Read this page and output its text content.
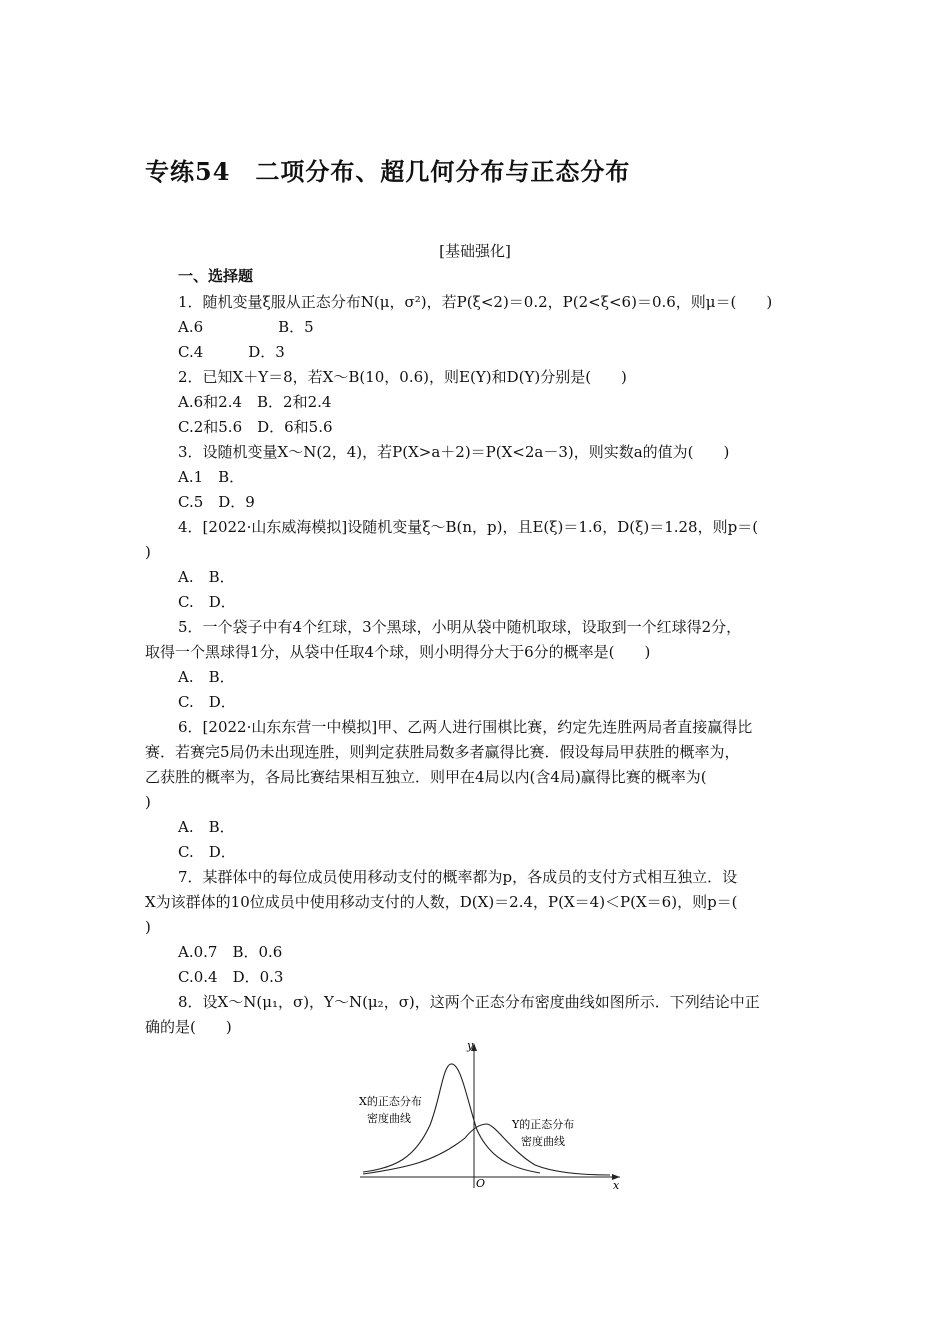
专练54　二项分布、超几何分布与正态分布
[基础强化]
一、选择题
1．随机变量ξ服从正态分布N(μ，σ²)，若P(ξ<2)＝0.2，P(2<ξ<6)＝0.6，则μ＝(　　)
A.6　　　　　B．5
C.4　　　D．3
2．已知X＋Y＝8，若X～B(10，0.6)，则E(Y)和D(Y)分别是(　　)
A.6和2.4　B．2和2.4
C.2和5.6　D．6和5.6
3．设随机变量X～N(2，4)，若P(X>a＋2)＝P(X<2a－3)，则实数a的值为(　　)
A.1　B．
C.5　D．9
4．[2022·山东威海模拟]设随机变量ξ～B(n，p)，且E(ξ)＝1.6，D(ξ)＝1.28，则p＝(
)
A.　B．
C.　D．
5．一个袋子中有4个红球，3个黑球，小明从袋中随机取球，设取到一个红球得2分，
取得一个黑球得1分，从袋中任取4个球，则小明得分大于6分的概率是(　　)
A.　B．
C.　D．
6．[2022·山东东营一中模拟]甲、乙两人进行围棋比赛，约定先连胜两局者直接赢得比
赛．若赛完5局仍未出现连胜，则判定获胜局数多者赢得比赛．假设每局甲获胜的概率为，
乙获胜的概率为，各局比赛结果相互独立．则甲在4局以内(含4局)赢得比赛的概率为(
)
A.　B．
C.　D．
7．某群体中的每位成员使用移动支付的概率都为p，各成员的支付方式相互独立．设
X为该群体的10位成员中使用移动支付的人数，D(X)＝2.4，P(X＝4)＜P(X＝6)，则p＝(
)
A.0.7　B．0.6
C.0.4　D．0.3
8．设X～N(μ₁，σ)，Y～N(μ₂，σ)，这两个正态分布密度曲线如图所示．下列结论中正
确的是(　　)
y
x
O
X的正态分布
密度曲线	Y的正态分布
密度曲线
